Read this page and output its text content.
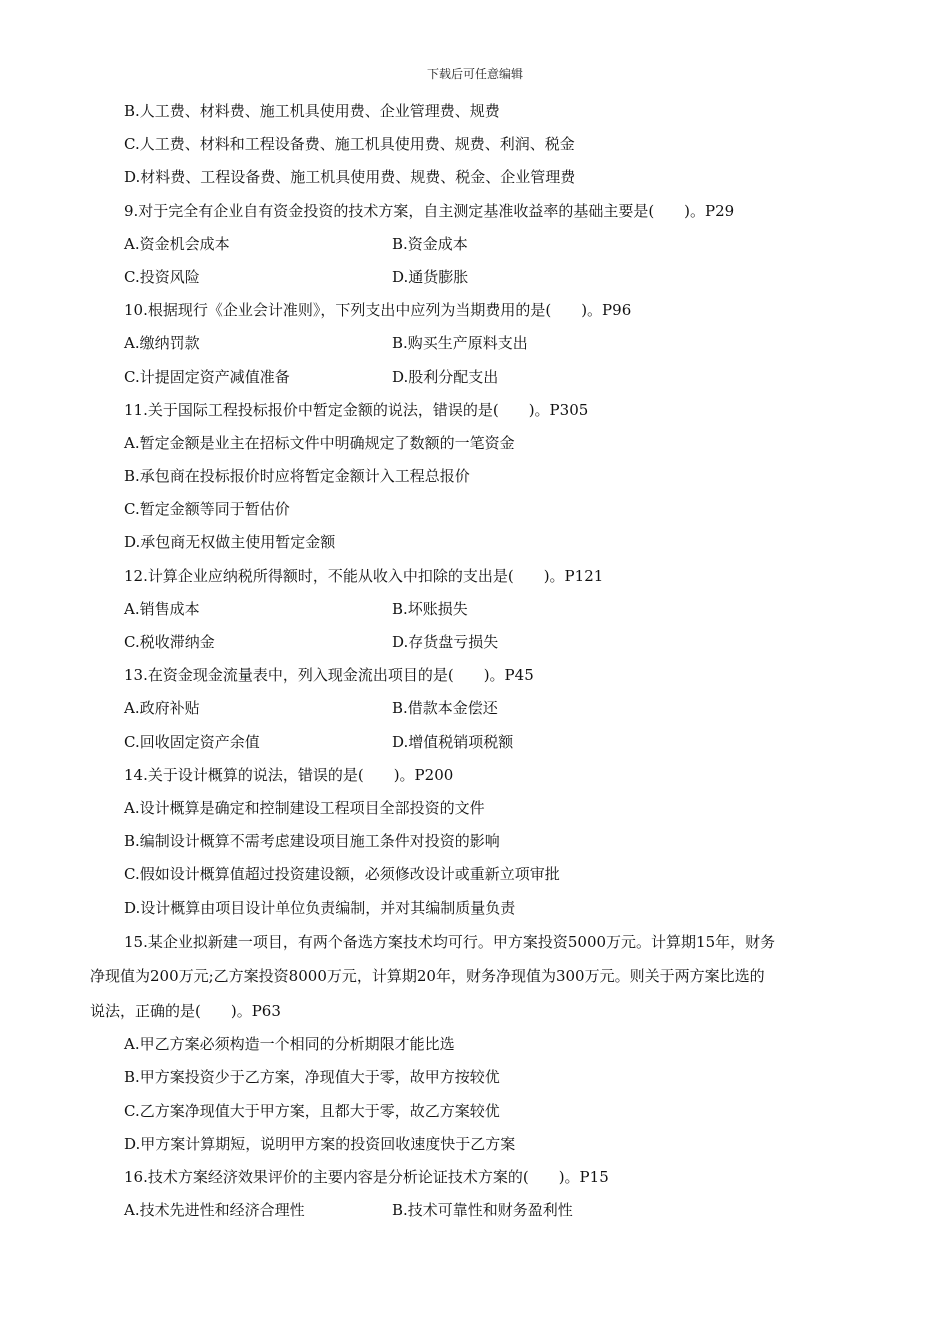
下载后可任意编辑
B.人工费、材料费、施工机具使用费、企业管理费、规费
C.人工费、材料和工程设备费、施工机具使用费、规费、利润、税金
D.材料费、工程设备费、施工机具使用费、规费、税金、企业管理费
9.对于完全有企业自有资金投资的技术方案，自主测定基准收益率的基础主要是(　　)。P29
A.资金机会成本	B.资金成本
C.投资风险	D.通货膨胀
10.根据现行《企业会计准则》，下列支出中应列为当期费用的是(　　)。P96
A.缴纳罚款	B.购买生产原料支出
C.计提固定资产减值准备	D.股利分配支出
11.关于国际工程投标报价中暂定金额的说法，错误的是(　　)。P305
A.暂定金额是业主在招标文件中明确规定了数额的一笔资金
B.承包商在投标报价时应将暂定金额计入工程总报价
C.暂定金额等同于暂估价
D.承包商无权做主使用暂定金额
12.计算企业应纳税所得额时，不能从收入中扣除的支出是(　　)。P121
A.销售成本	B.坏账损失
C.税收滞纳金	D.存货盘亏损失
13.在资金现金流量表中，列入现金流出项目的是(　　)。P45
A.政府补贴	B.借款本金偿还
C.回收固定资产余值	D.增值税销项税额
14.关于设计概算的说法，错误的是(　　)。P200
A.设计概算是确定和控制建设工程项目全部投资的文件
B.编制设计概算不需考虑建设项目施工条件对投资的影响
C.假如设计概算值超过投资建设额，必须修改设计或重新立项审批
D.设计概算由项目设计单位负责编制，并对其编制质量负责
15.某企业拟新建一项目，有两个备选方案技术均可行。甲方案投资5000万元。计算期15年，财务
净现值为200万元;乙方案投资8000万元，计算期20年，财务净现值为300万元。则关于两方案比选的
说法，正确的是(　　)。P63
A.甲乙方案必须构造一个相同的分析期限才能比选
B.甲方案投资少于乙方案，净现值大于零，故甲方按较优
C.乙方案净现值大于甲方案，且都大于零，故乙方案较优
D.甲方案计算期短，说明甲方案的投资回收速度快于乙方案
16.技术方案经济效果评价的主要内容是分析论证技术方案的(　　)。P15
A.技术先进性和经济合理性	B.技术可靠性和财务盈利性
